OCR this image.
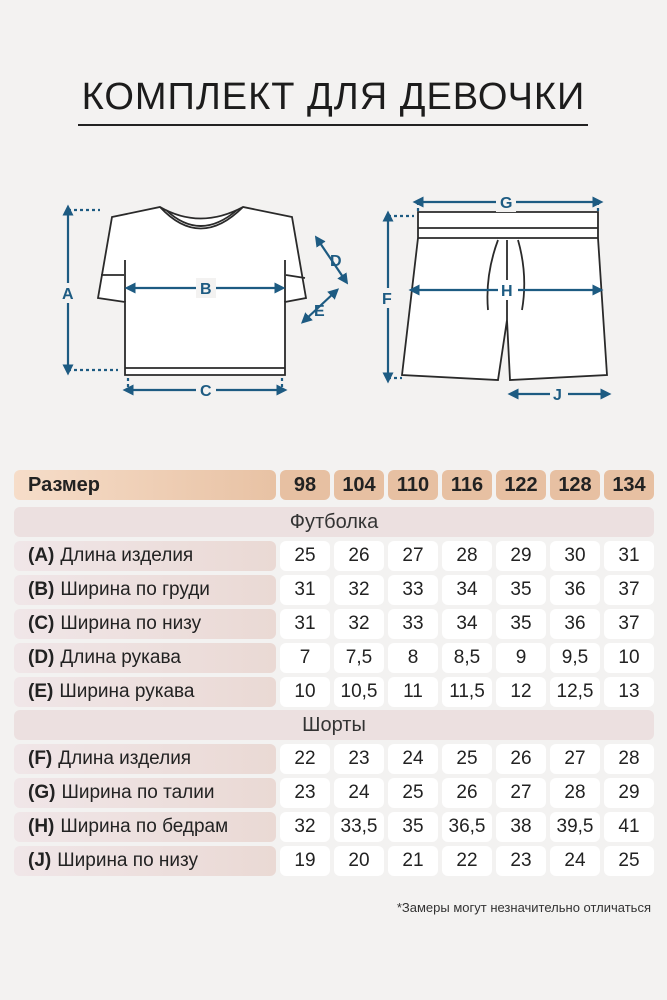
КОМПЛЕКТ ДЛЯ ДЕВОЧКИ
A	B
C
D
E
G
F	H
J
Размер	98	104	110	116	122	128	134
Футболка
(A) Длина изделия	25	26	27	28	29	30	31
(B) Ширина по груди	31	32	33	34	35	36	37
(C) Ширина по низу	31	32	33	34	35	36	37
(D) Длина рукава	7	7,5	8	8,5	9	9,5	10
(E) Ширина рукава	10	10,5	11	11,5	12	12,5	13
Шорты
(F) Длина изделия	22	23	24	25	26	27	28
(G) Ширина по талии	23	24	25	26	27	28	29
(H) Ширина по бедрам	32	33,5	35	36,5	38	39,5	41
(J) Ширина по низу	19	20	21	22	23	24	25
*Замеры могут незначительно отличаться
